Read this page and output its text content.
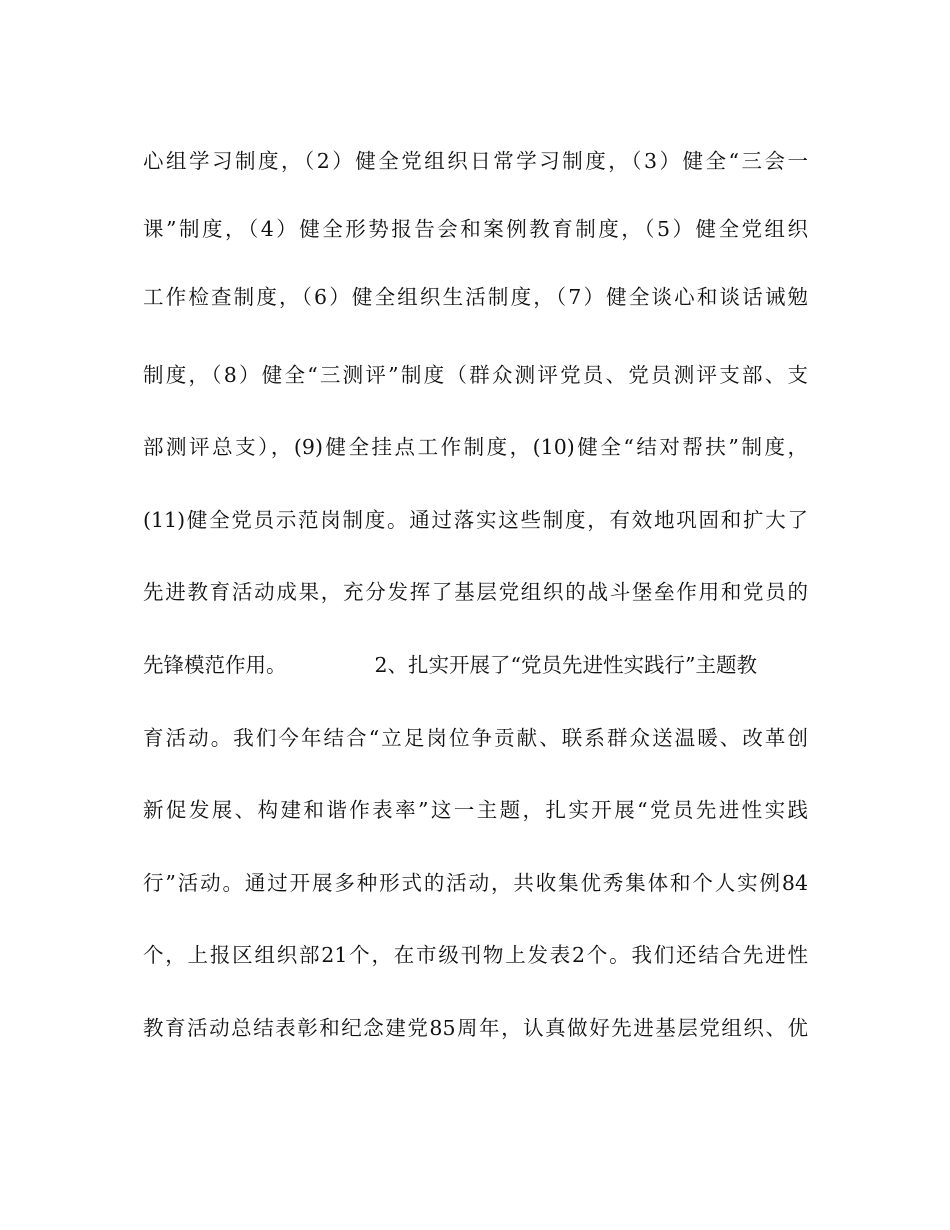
心组学习制度，（2）健全党组织日常学习制度，（3）健全“三会一
课”制度，（4）健全形势报告会和案例教育制度，（5）健全党组织
工作检查制度，（6）健全组织生活制度，（7）健全谈心和谈话诫勉
制度，（8）健全“三测评”制度（群众测评党员、党员测评支部、支
部测评总支），(9)健全挂点工作制度，(10)健全“结对帮扶”制度，
(11)健全党员示范岗制度。通过落实这些制度，有效地巩固和扩大了
先进教育活动成果，充分发挥了基层党组织的战斗堡垒作用和党员的
先锋模范作用。	2、扎实开展了“党员先进性实践行”主题教
育活动。我们今年结合“立足岗位争贡献、联系群众送温暖、改革创
新促发展、构建和谐作表率”这一主题，扎实开展“党员先进性实践
行”活动。通过开展多种形式的活动，共收集优秀集体和个人实例84
个，上报区组织部21个，在市级刊物上发表2个。我们还结合先进性
教育活动总结表彰和纪念建党85周年，认真做好先进基层党组织、优
